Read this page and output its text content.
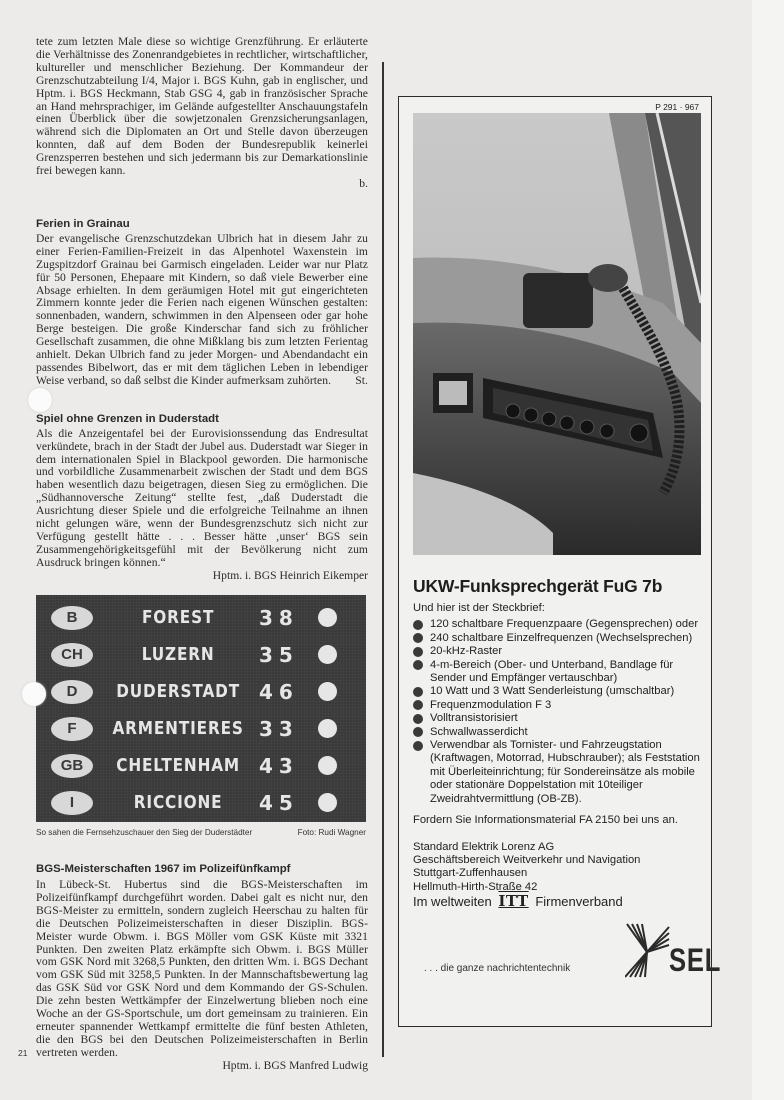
tete zum letzten Male diese so wichtige Grenzführung. Er erläuterte die Verhältnisse des Zonenrandgebietes in rechtlicher, wirtschaftlicher, kultureller und menschlicher Beziehung. Der Kommandeur der Grenzschutzabteilung I/4, Major i. BGS Kuhn, gab in englischer, und Hptm. i. BGS Heckmann, Stab GSG 4, gab in französischer Sprache an Hand mehrsprachiger, im Gelände aufgestellter Anschauungstafeln einen Überblick über die sowjetzonalen Grenzsicherungsanlagen, während sich die Diplomaten an Ort und Stelle davon überzeugen konnten, daß auf dem Boden der Bundesrepublik keinerlei Grenzsperren bestehen und sich jedermann bis zur Demarkationslinie frei bewegen kann.

b.
Ferien in Grainau

Der evangelische Grenzschutzdekan Ulbrich hat in diesem Jahr zu einer Ferien-Familien-Freizeit in das Alpenhotel Waxenstein im Zugspitzdorf Grainau bei Garmisch eingeladen. Leider war nur Platz für 50 Personen, Ehepaare mit Kindern, so daß viele Bewerber eine Absage erhielten. In dem geräumigen Hotel mit gut eingerichteten Zimmern konnte jeder die Ferien nach eigenen Wünschen gestalten: sonnenbaden, wandern, schwimmen in den Alpenseen oder gar hohe Berge besteigen. Die große Kinderschar fand sich zu fröhlicher Gesellschaft zusammen, die ohne Mißklang bis zum letzten Ferientag anhielt. Dekan Ulbrich fand zu jeder Morgen- und Abendandacht ein passendes Bibelwort, das er mit dem täglichen Leben in lebendiger Weise verband, so daß selbst die Kinder aufmerksam zuhörten. St.

Spiel ohne Grenzen in Duderstadt

Als die Anzeigentafel bei der Eurovisionssendung das Endresultat verkündete, brach in der Stadt der Jubel aus. Duderstadt war Sieger in dem internationalen Spiel in Blackpool geworden. Die harmonische und vorbildliche Zusammenarbeit zwischen der Stadt und dem BGS haben wesentlich dazu beigetragen, diesen Sieg zu ermöglichen. Die „Südhannoversche Zeitung“ stellte fest, „daß Duderstadt die Ausrichtung dieser Spiele und die erfolgreiche Teilnahme an ihnen nicht gelungen wäre, wenn der Bundesgrenzschutz sich nicht zur Verfügung gestellt hätte . . . Besser hätte ‚unser‘ BGS sein Zusammengehörigkeitsgefühl mit der Bevölkerung nicht zum Ausdruck bringen können.“

Hptm. i. BGS Heinrich Eikemper
B	FOREST	38
CH	LUZERN	35
D	DUDERSTADT 46
F	ARMENTIERES 33
GB	CHELTENHAM 43
I	RICCIONE	45
So sahen die Fernsehzuschauer den Sieg der Duderstädter	Foto: Rudi Wagner
BGS-Meisterschaften 1967 im Polizeifünfkampf

In Lübeck-St. Hubertus sind die BGS-Meisterschaften im Polizeifünfkampf durchgeführt worden. Dabei galt es nicht nur, den BGS-Meister zu ermitteln, sondern zugleich Heerschau zu halten für die Deutschen Polizeimeisterschaften in dieser Disziplin. BGS-Meister wurde Obwm. i. BGS Möller vom GSK Küste mit 3321 Punkten. Den zweiten Platz erkämpfte sich Obwm. i. BGS Müller vom GSK Nord mit 3268,5 Punkten, den dritten Wm. i. BGS Dechant vom GSK Süd mit 3258,5 Punkten. In der Mannschaftsbewertung lag das GSK Süd vor GSK Nord und dem Kommando der GS-Schulen. Die zehn besten Wettkämpfer der Einzelwertung blieben noch eine Woche an der GS-Sportschule, um dort gemeinsam zu trainieren. Ein erneuter spannender Wettkampf ermittelte die fünf besten Athleten, die den BGS bei den Deutschen Polizeimeisterschaften in Berlin vertreten werden.

Hptm. i. BGS Manfred Ludwig
21
P 291 · 967
UKW-Funksprechgerät FuG 7b

Und hier ist der Steckbrief:

120 schaltbare Frequenzpaare (Gegensprechen) oder
240 schaltbare Einzelfrequenzen (Wechselsprechen)
20-kHz-Raster
4-m-Bereich (Ober- und Unterband, Bandlage für Sender und Empfänger vertauschbar)
10 Watt und 3 Watt Senderleistung (umschaltbar)
Frequenzmodulation F 3
Volltransistorisiert
Schwallwasserdicht
Verwendbar als Tornister- und Fahrzeugstation (Kraftwagen, Motorrad, Hubschrauber); als Feststation mit Überleiteinrichtung; für Sondereinsätze als mobile oder stationäre Doppelstation mit 10teiliger Zweidrahtvermittlung (OB-ZB).

Fordern Sie Informationsmaterial FA 2150 bei uns an.

Standard Elektrik Lorenz AG

Geschäftsbereich Weitverkehr und Navigation

Stuttgart-Zuffenhausen

Hellmuth-Hirth-Straße 42

Im weltweiten ITT Firmenverband

. . . die ganze nachrichtentechnik	SEL
